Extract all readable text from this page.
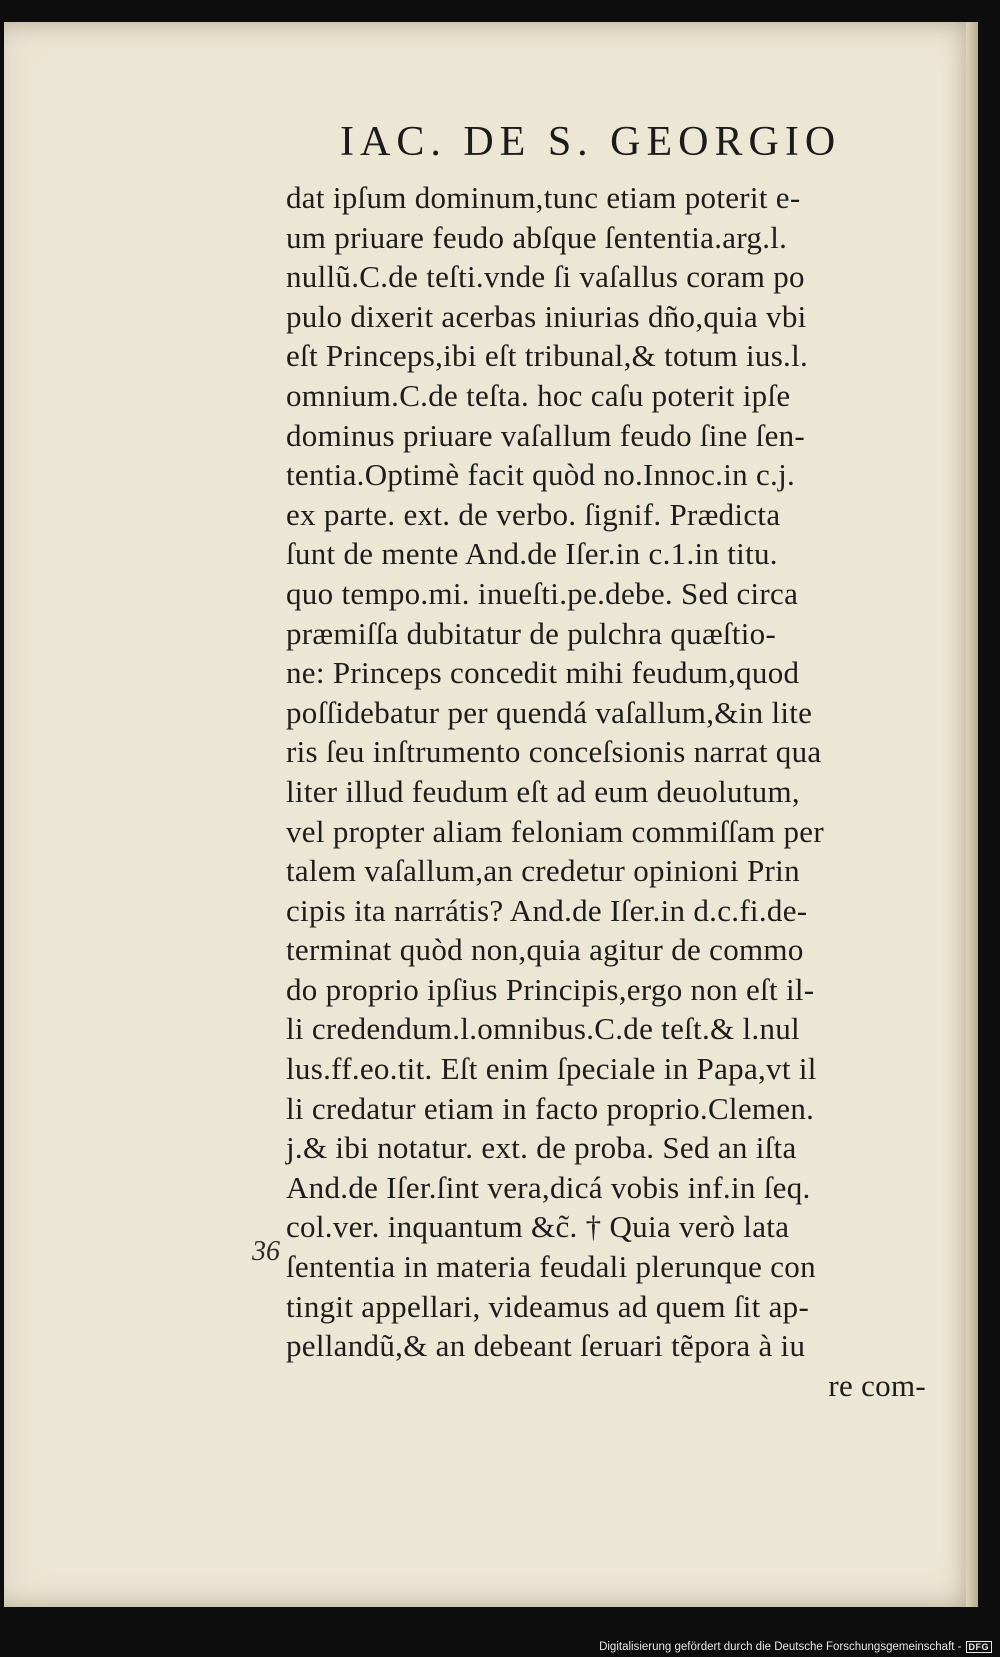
IAC. DE S. GEORGIO
dat ipſum dominum,tunc etiam poterit e-
um priuare feudo abſque ſententia.arg.l.
nullũ.C.de teſti.vnde ſi vaſallus coram po
pulo dixerit acerbas iniurias dño,quia vbi
eſt Princeps,ibi eſt tribunal,& totum ius.l.
omnium.C.de teſta. hoc caſu poterit ipſe
dominus priuare vaſallum feudo ſine ſen-
tentia.Optimè facit quòd no.Innoc.in c.j.
ex parte. ext. de verbo. ſignif. Prædicta
ſunt de mente And.de Iſer.in c.1.in titu.
quo tempo.mi. inueſti.pe.debe. Sed circa
præmiſſa dubitatur de pulchra quæſtio-
ne: Princeps concedit mihi feudum,quod
poſſidebatur per quendá vaſallum,&in lite
ris ſeu inſtrumento conceſsionis narrat qua
liter illud feudum eſt ad eum deuolutum,
vel propter aliam feloniam commiſſam per
talem vaſallum,an credetur opinioni Prin
cipis ita narrátis? And.de Iſer.in d.c.fi.de-
terminat quòd non,quia agitur de commo
do proprio ipſius Principis,ergo non eſt il-
li credendum.l.omnibus.C.de teſt.& l.nul
lus.ff.eo.tit. Eſt enim ſpeciale in Papa,vt il
li credatur etiam in facto proprio.Clemen.
j.& ibi notatur. ext. de proba. Sed an iſta
And.de Iſer.ſint vera,dicá vobis inf.in ſeq.
col.ver. inquantum &c̃. † Quia verò lata
ſententia in materia feudali plerunque con
tingit appellari, videamus ad quem ſit ap-
pellandũ,& an debeant ſeruari tẽpora à iu
re com-
36
Digitalisierung gefördert durch die Deutsche Forschungsgemeinschaft - DFG
